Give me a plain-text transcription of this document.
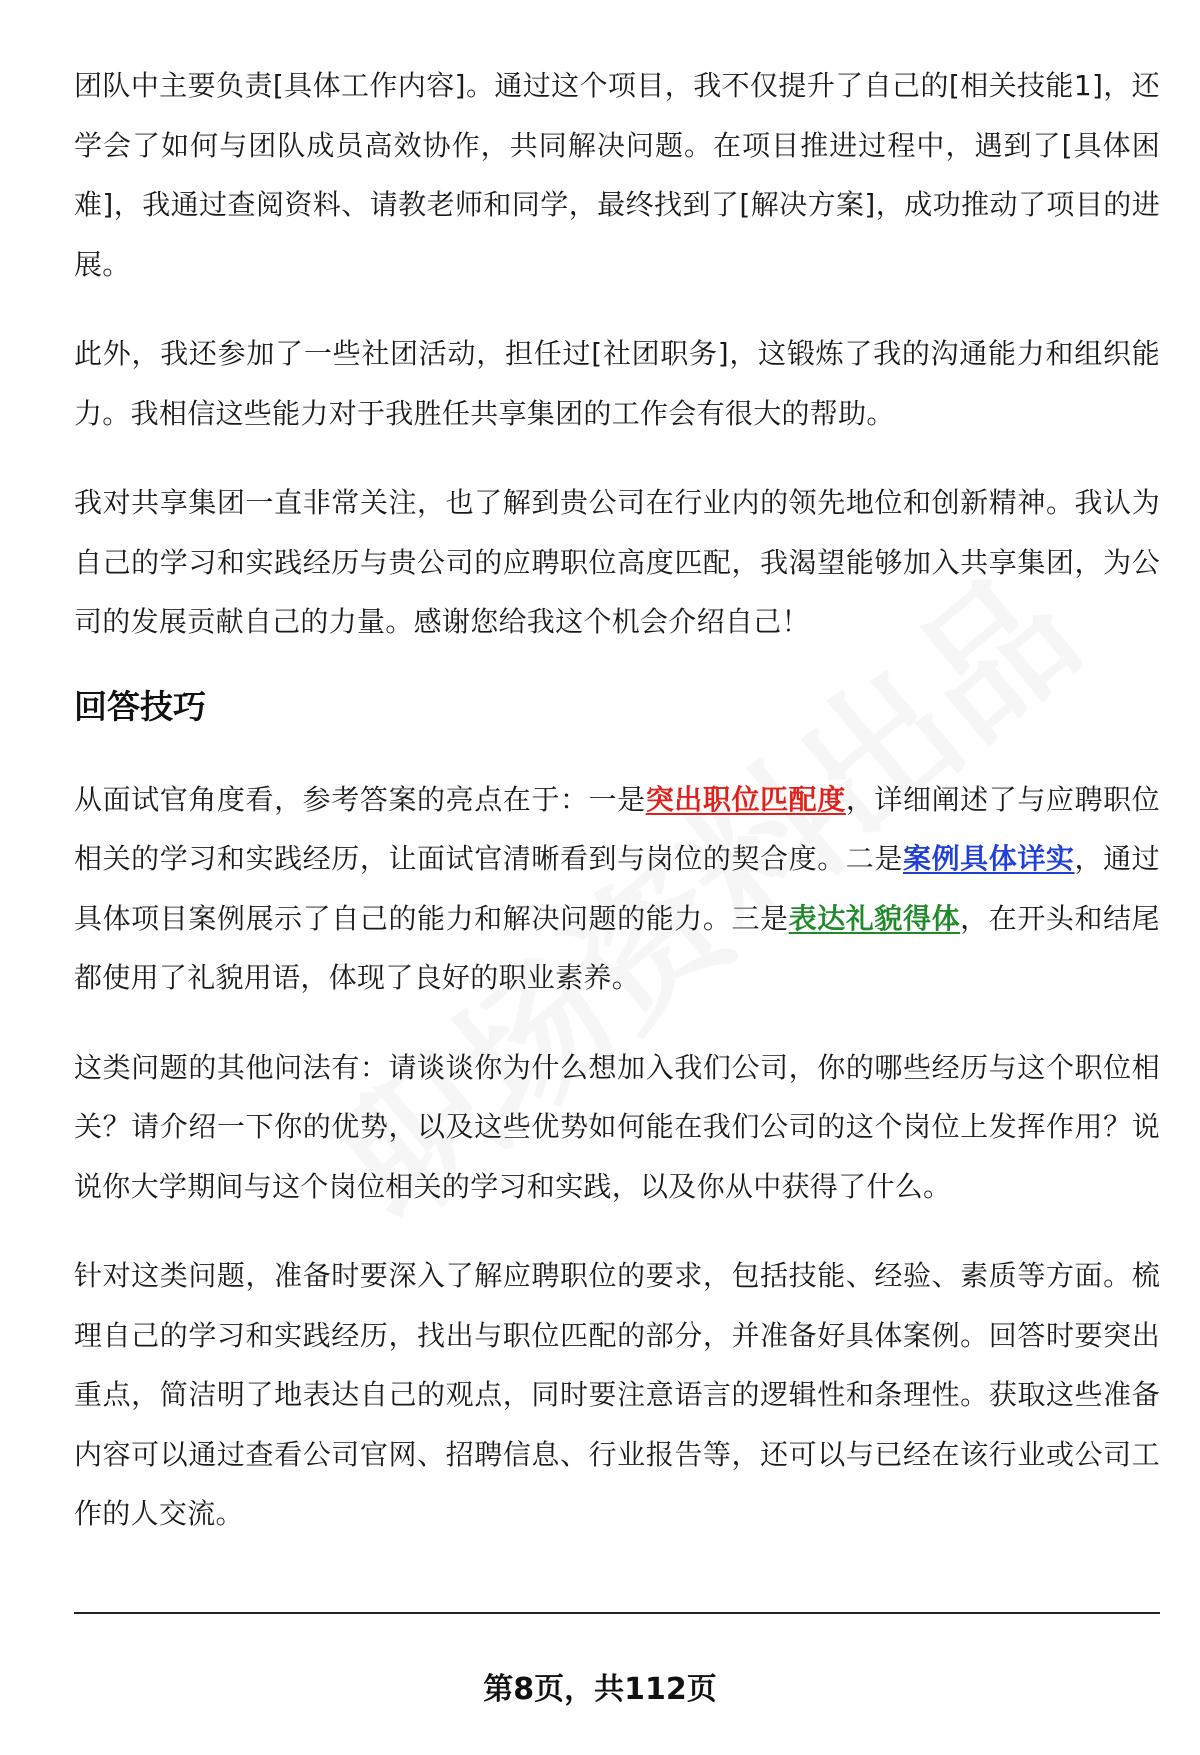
团队中主要负责[具体工作内容]。通过这个项目，我不仅提升了自己的[相关技能1]，还学会了如何与团队成员高效协作，共同解决问题。在项目推进过程中，遇到了[具体困难]，我通过查阅资料、请教老师和同学，最终找到了[解决方案]，成功推动了项目的进展。

此外，我还参加了一些社团活动，担任过[社团职务]，这锻炼了我的沟通能力和组织能力。我相信这些能力对于我胜任共享集团的工作会有很大的帮助。

我对共享集团一直非常关注，也了解到贵公司在行业内的领先地位和创新精神。我认为自己的学习和实践经历与贵公司的应聘职位高度匹配，我渴望能够加入共享集团，为公司的发展贡献自己的力量。感谢您给我这个机会介绍自己！

回答技巧

从面试官角度看，参考答案的亮点在于：一是突出职位匹配度，详细阐述了与应聘职位相关的学习和实践经历，让面试官清晰看到与岗位的契合度。二是案例具体详实，通过具体项目案例展示了自己的能力和解决问题的能力。三是表达礼貌得体，在开头和结尾都使用了礼貌用语，体现了良好的职业素养。

这类问题的其他问法有：请谈谈你为什么想加入我们公司，你的哪些经历与这个职位相关？请介绍一下你的优势，以及这些优势如何能在我们公司的这个岗位上发挥作用？说说你大学期间与这个岗位相关的学习和实践，以及你从中获得了什么。

针对这类问题，准备时要深入了解应聘职位的要求，包括技能、经验、素质等方面。梳理自己的学习和实践经历，找出与职位匹配的部分，并准备好具体案例。回答时要突出重点，简洁明了地表达自己的观点，同时要注意语言的逻辑性和条理性。获取这些准备内容可以通过查看公司官网、招聘信息、行业报告等，还可以与已经在该行业或公司工作的人交流。

第8页，共112页
